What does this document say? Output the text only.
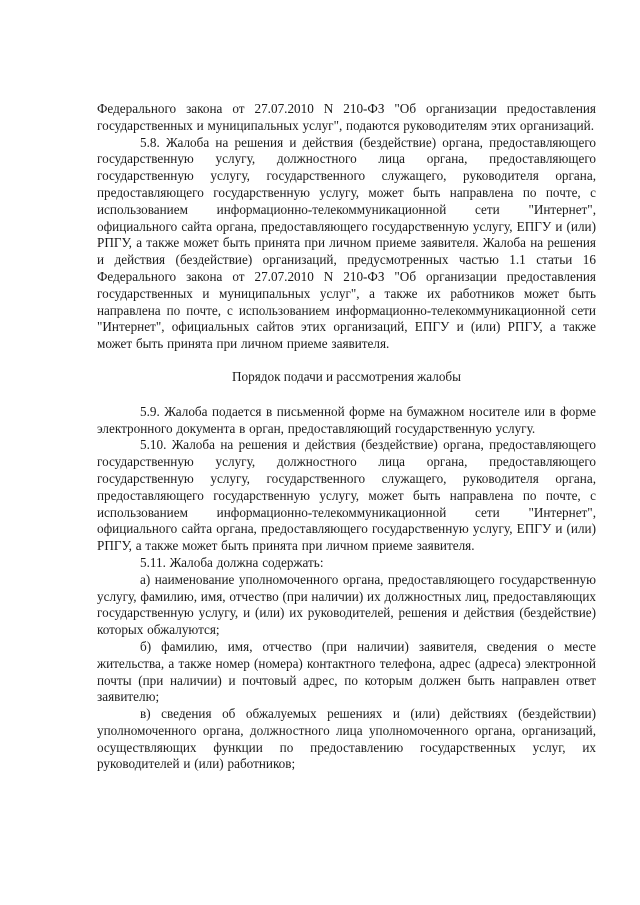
Федерального закона от 27.07.2010 N 210-ФЗ "Об организации предоставления государственных и муниципальных услуг", подаются руководителям этих организаций.

5.8. Жалоба на решения и действия (бездействие) органа, предоставляющего государственную услугу, должностного лица органа, предоставляющего государственную услугу, государственного служащего, руководителя органа, предоставляющего государственную услугу, может быть направлена по почте, с использованием информационно-телекоммуникационной сети "Интернет", официального сайта органа, предоставляющего государственную услугу, ЕПГУ и (или) РПГУ, а также может быть принята при личном приеме заявителя. Жалоба на решения и действия (бездействие) организаций, предусмотренных частью 1.1 статьи 16 Федерального закона от 27.07.2010 N 210-ФЗ "Об организации предоставления государственных и муниципальных услуг", а также их работников может быть направлена по почте, с использованием информационно-телекоммуникационной сети "Интернет", официальных сайтов этих организаций, ЕПГУ и (или) РПГУ, а также может быть принята при личном приеме заявителя.

Порядок подачи и рассмотрения жалобы

5.9. Жалоба подается в письменной форме на бумажном носителе или в форме электронного документа в орган, предоставляющий государственную услугу.

5.10. Жалоба на решения и действия (бездействие) органа, предоставляющего государственную услугу, должностного лица органа, предоставляющего государственную услугу, государственного служащего, руководителя органа, предоставляющего государственную услугу, может быть направлена по почте, с использованием информационно-телекоммуникационной сети "Интернет", официального сайта органа, предоставляющего государственную услугу, ЕПГУ и (или) РПГУ, а также может быть принята при личном приеме заявителя.

5.11. Жалоба должна содержать:

а) наименование уполномоченного органа, предоставляющего государственную услугу, фамилию, имя, отчество (при наличии) их должностных лиц, предоставляющих государственную услугу, и (или) их руководителей, решения и действия (бездействие) которых обжалуются;

б) фамилию, имя, отчество (при наличии) заявителя, сведения о месте жительства, а также номер (номера) контактного телефона, адрес (адреса) электронной почты (при наличии) и почтовый адрес, по которым должен быть направлен ответ заявителю;

в) сведения об обжалуемых решениях и (или) действиях (бездействии) уполномоченного органа, должностного лица уполномоченного органа, организаций, осуществляющих функции по предоставлению государственных услуг, их руководителей и (или) работников;
